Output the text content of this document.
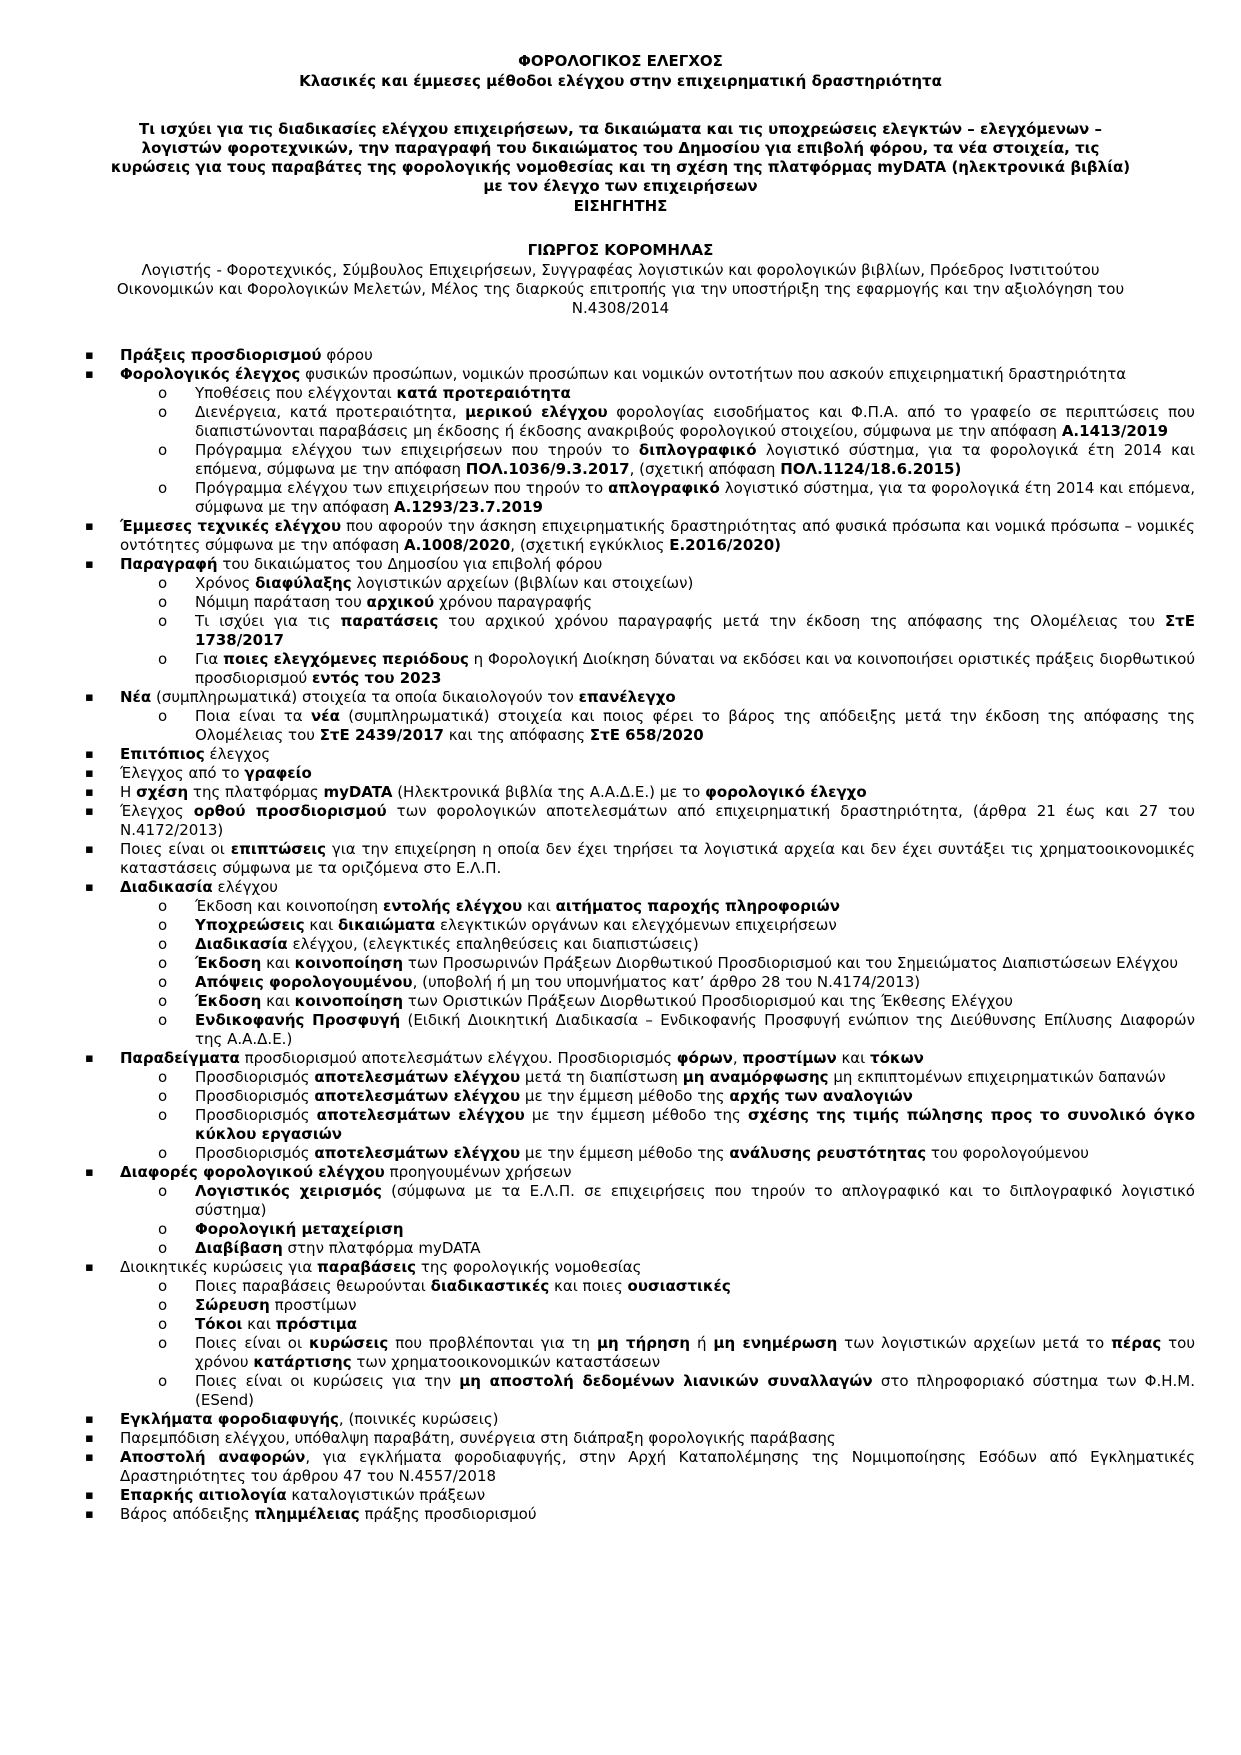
ΦΟΡΟΛΟΓΙΚΟΣ ΕΛΕΓΧΟΣ
Κλασικές και έμμεσες μέθοδοι ελέγχου στην επιχειρηματική δραστηριότητα
Τι ισχύει για τις διαδικασίες ελέγχου επιχειρήσεων, τα δικαιώματα και τις υποχρεώσεις ελεγκτών – ελεγχόμενων – λογιστών φοροτεχνικών, την παραγραφή του δικαιώματος του Δημοσίου για επιβολή φόρου, τα νέα στοιχεία, τις κυρώσεις για τους παραβάτες της φορολογικής νομοθεσίας και τη σχέση της πλατφόρμας myDATA (ηλεκτρονικά βιβλία) με τον έλεγχο των επιχειρήσεων
ΕΙΣΗΓΗΤΗΣ
ΓΙΩΡΓΟΣ ΚΟΡΟΜΗΛΑΣ
Λογιστής - Φοροτεχνικός, Σύμβουλος Επιχειρήσεων, Συγγραφέας λογιστικών και φορολογικών βιβλίων, Πρόεδρος Ινστιτούτου Οικονομικών και Φορολογικών Μελετών, Μέλος της διαρκούς επιτροπής για την υποστήριξη της εφαρμογής και την αξιολόγηση του Ν.4308/2014
▪ Πράξεις προσδιορισμού φόρου
▪ Φορολογικός έλεγχος φυσικών προσώπων, νομικών προσώπων και νομικών οντοτήτων που ασκούν επιχειρηματική δραστηριότητα
o Υποθέσεις που ελέγχονται κατά προτεραιότητα
o Διενέργεια, κατά προτεραιότητα, μερικού ελέγχου φορολογίας εισοδήματος και Φ.Π.Α. από το γραφείο σε περιπτώσεις που διαπιστώνονται παραβάσεις μη έκδοσης ή έκδοσης ανακριβούς φορολογικού στοιχείου, σύμφωνα με την απόφαση Α.1413/2019
o Πρόγραμμα ελέγχου των επιχειρήσεων που τηρούν το διπλογραφικό λογιστικό σύστημα, για τα φορολογικά έτη 2014 και επόμενα, σύμφωνα με την απόφαση ΠΟΛ.1036/9.3.2017, (σχετική απόφαση ΠΟΛ.1124/18.6.2015)
o Πρόγραμμα ελέγχου των επιχειρήσεων που τηρούν το απλογραφικό λογιστικό σύστημα, για τα φορολογικά έτη 2014 και επόμενα, σύμφωνα με την απόφαση Α.1293/23.7.2019
▪ Έμμεσες τεχνικές ελέγχου που αφορούν την άσκηση επιχειρηματικής δραστηριότητας από φυσικά πρόσωπα και νομικά πρόσωπα – νομικές οντότητες σύμφωνα με την απόφαση Α.1008/2020, (σχετική εγκύκλιος Ε.2016/2020)
▪ Παραγραφή του δικαιώματος του Δημοσίου για επιβολή φόρου
o Χρόνος διαφύλαξης λογιστικών αρχείων (βιβλίων και στοιχείων)
o Νόμιμη παράταση του αρχικού χρόνου παραγραφής
o Τι ισχύει για τις παρατάσεις του αρχικού χρόνου παραγραφής μετά την έκδοση της απόφασης της Ολομέλειας του ΣτΕ 1738/2017
o Για ποιες ελεγχόμενες περιόδους η Φορολογική Διοίκηση δύναται να εκδόσει και να κοινοποιήσει οριστικές πράξεις διορθωτικού προσδιορισμού εντός του 2023
▪ Νέα (συμπληρωματικά) στοιχεία τα οποία δικαιολογούν τον επανέλεγχο
o Ποια είναι τα νέα (συμπληρωματικά) στοιχεία και ποιος φέρει το βάρος της απόδειξης μετά την έκδοση της απόφασης της Ολομέλειας του ΣτΕ 2439/2017 και της απόφασης ΣτΕ 658/2020
▪ Επιτόπιος έλεγχος
▪ Έλεγχος από το γραφείο
▪ Η σχέση της πλατφόρμας myDATA (Ηλεκτρονικά βιβλία της Α.Α.Δ.Ε.) με το φορολογικό έλεγχο
▪ Έλεγχος ορθού προσδιορισμού των φορολογικών αποτελεσμάτων από επιχειρηματική δραστηριότητα, (άρθρα 21 έως και 27 του Ν.4172/2013)
▪ Ποιες είναι οι επιπτώσεις για την επιχείρηση η οποία δεν έχει τηρήσει τα λογιστικά αρχεία και δεν έχει συντάξει τις χρηματοοικονομικές καταστάσεις σύμφωνα με τα οριζόμενα στο Ε.Λ.Π.
▪ Διαδικασία ελέγχου
o Έκδοση και κοινοποίηση εντολής ελέγχου και αιτήματος παροχής πληροφοριών
o Υποχρεώσεις και δικαιώματα ελεγκτικών οργάνων και ελεγχόμενων επιχειρήσεων
o Διαδικασία ελέγχου, (ελεγκτικές επαληθεύσεις και διαπιστώσεις)
o Έκδοση και κοινοποίηση των Προσωρινών Πράξεων Διορθωτικού Προσδιορισμού και του Σημειώματος Διαπιστώσεων Ελέγχου
o Απόψεις φορολογουμένου, (υποβολή ή μη του υπομνήματος κατ’ άρθρο 28 του Ν.4174/2013)
o Έκδοση και κοινοποίηση των Οριστικών Πράξεων Διορθωτικού Προσδιορισμού και της Έκθεσης Ελέγχου
o Ενδικοφανής Προσφυγή (Ειδική Διοικητική Διαδικασία – Ενδικοφανής Προσφυγή ενώπιον της Διεύθυνσης Επίλυσης Διαφορών της Α.Α.Δ.Ε.)
▪ Παραδείγματα προσδιορισμού αποτελεσμάτων ελέγχου. Προσδιορισμός φόρων, προστίμων και τόκων
o Προσδιορισμός αποτελεσμάτων ελέγχου μετά τη διαπίστωση μη αναμόρφωσης μη εκπιπτομένων επιχειρηματικών δαπανών
o Προσδιορισμός αποτελεσμάτων ελέγχου με την έμμεση μέθοδο της αρχής των αναλογιών
o Προσδιορισμός αποτελεσμάτων ελέγχου με την έμμεση μέθοδο της σχέσης της τιμής πώλησης προς το συνολικό όγκο κύκλου εργασιών
o Προσδιορισμός αποτελεσμάτων ελέγχου με την έμμεση μέθοδο της ανάλυσης ρευστότητας του φορολογούμενου
▪ Διαφορές φορολογικού ελέγχου προηγουμένων χρήσεων
o Λογιστικός χειρισμός (σύμφωνα με τα Ε.Λ.Π. σε επιχειρήσεις που τηρούν το απλογραφικό και το διπλογραφικό λογιστικό σύστημα)
o Φορολογική μεταχείριση
o Διαβίβαση στην πλατφόρμα myDATA
▪ Διοικητικές κυρώσεις για παραβάσεις της φορολογικής νομοθεσίας
o Ποιες παραβάσεις θεωρούνται διαδικαστικές και ποιες ουσιαστικές
o Σώρευση προστίμων
o Τόκοι και πρόστιμα
o Ποιες είναι οι κυρώσεις που προβλέπονται για τη μη τήρηση ή μη ενημέρωση των λογιστικών αρχείων μετά το πέρας του χρόνου κατάρτισης των χρηματοοικονομικών καταστάσεων
o Ποιες είναι οι κυρώσεις για την μη αποστολή δεδομένων λιανικών συναλλαγών στο πληροφοριακό σύστημα των Φ.Η.Μ. (ESend)
▪ Εγκλήματα φοροδιαφυγής, (ποινικές κυρώσεις)
▪ Παρεμπόδιση ελέγχου, υπόθαλψη παραβάτη, συνέργεια στη διάπραξη φορολογικής παράβασης
▪ Αποστολή αναφορών, για εγκλήματα φοροδιαφυγής, στην Αρχή Καταπολέμησης της Νομιμοποίησης Εσόδων από Εγκληματικές Δραστηριότητες του άρθρου 47 του Ν.4557/2018
▪ Επαρκής αιτιολογία καταλογιστικών πράξεων
▪ Βάρος απόδειξης πλημμέλειας πράξης προσδιορισμού
